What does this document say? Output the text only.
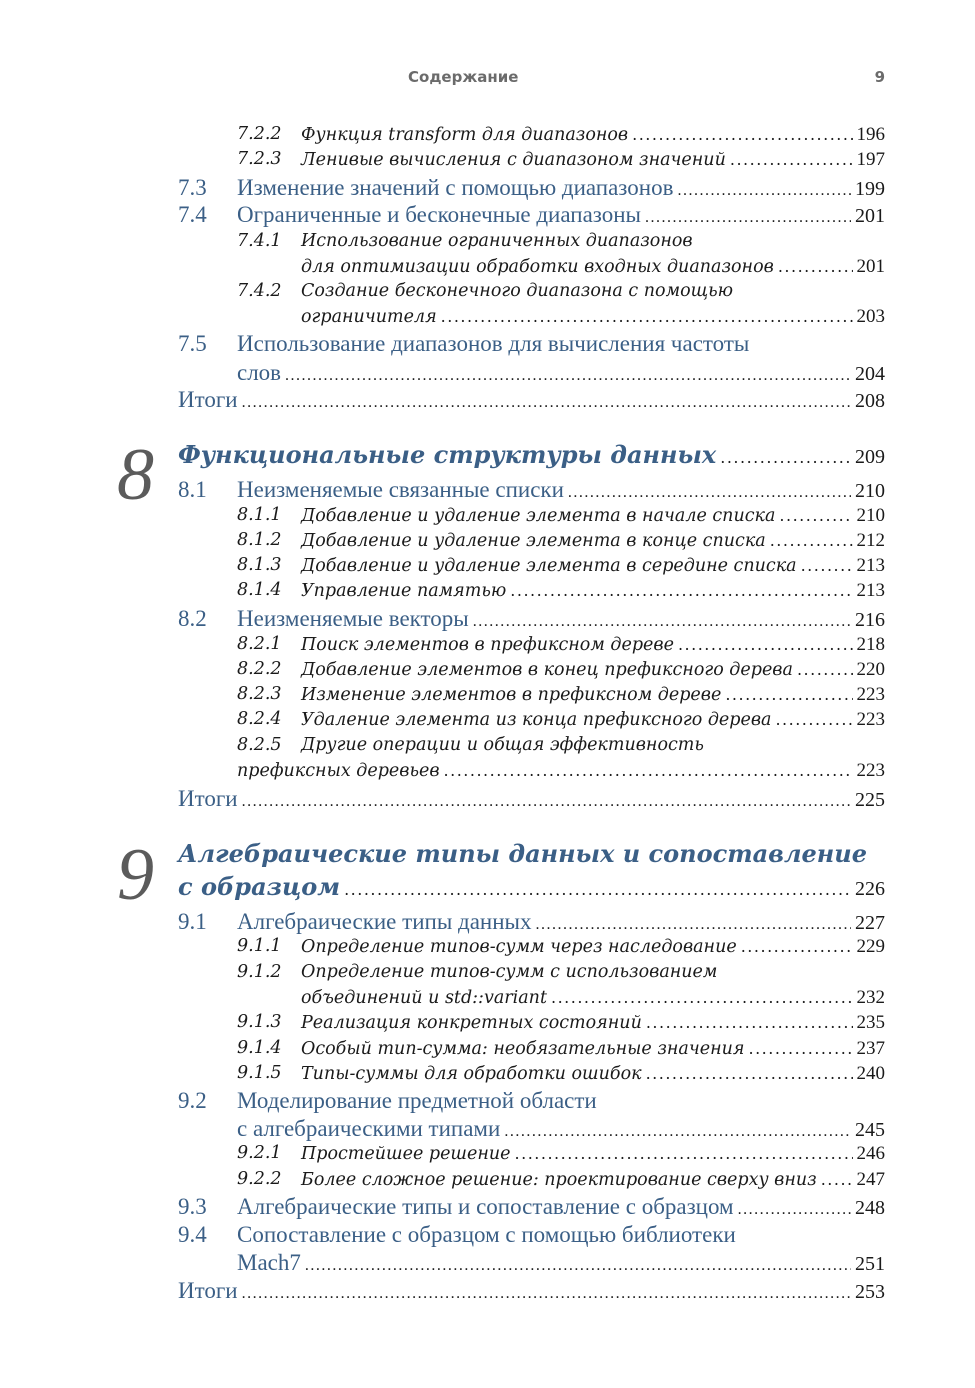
Содержание	9
7.2.2 Функция transform для диапазонов .....	196
7.2.3 Ленивые вычисления с диапазоном значений .....	197
7.3 Изменение значений с помощью диапазонов .....	199
7.4 Ограниченные и бесконечные диапазоны .....	201
7.4.1 Использование ограниченных диапазонов
для оптимизации обработки входных диапазонов .....	201
7.4.2 Создание бесконечного диапазона с помощью
ограничителя .....	203
7.5 Использование диапазонов для вычисления частоты
слов .....	204
Итоги .....	208
8 Функциональные структуры данных .....	209
8.1 Неизменяемые связанные списки .....	210
8.1.1 Добавление и удаление элемента в начале списка .....	210
8.1.2 Добавление и удаление элемента в конце списка .....	212
8.1.3 Добавление и удаление элемента в середине списка .....	213
8.1.4 Управление памятью .....	213
8.2 Неизменяемые векторы .....	216
8.2.1 Поиск элементов в префиксном дереве .....	218
8.2.2 Добавление элементов в конец префиксного дерева .....	220
8.2.3 Изменение элементов в префиксном дереве .....	223
8.2.4 Удаление элемента из конца префиксного дерева .....	223
8.2.5 Другие операции и общая эффективность
префиксных деревьев .....	223
Итоги .....	225
9 Алгебраические типы данных и сопоставление
с образцом .....	226
9.1 Алгебраические типы данных .....	227
9.1.1 Определение типов-сумм через наследование .....	229
9.1.2 Определение типов-сумм с использованием
объединений и std::variant .....	232
9.1.3 Реализация конкретных состояний .....	235
9.1.4 Особый тип-сумма: необязательные значения .....	237
9.1.5 Типы-суммы для обработки ошибок .....	240
9.2 Моделирование предметной области
с алгебраическими типами .....	245
9.2.1 Простейшее решение .....	246
9.2.2 Более сложное решение: проектирование сверху вниз ..... 247
9.3 Алгебраические типы и сопоставление с образцом .....	248
9.4 Сопоставление с образцом с помощью библиотеки
Mach7 .....	251
Итоги .....	253
